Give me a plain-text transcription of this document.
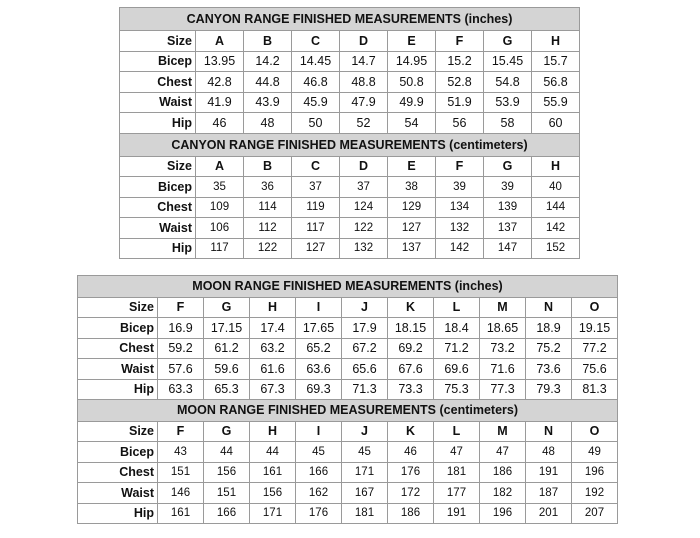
CANYON RANGE FINISHED MEASUREMENTS (inches)								
Size	A	B	C	D	E	F	G	H
Bicep	13.95	14.2	14.45	14.7	14.95	15.2	15.45	15.7
Chest	42.8	44.8	46.8	48.8	50.8	52.8	54.8	56.8
Waist	41.9	43.9	45.9	47.9	49.9	51.9	53.9	55.9
Hip	46	48	50	52	54	56	58	60
CANYON RANGE FINISHED MEASUREMENTS (centimeters)								
Size	A	B	C	D	E	F	G	H
Bicep	35	36	37	37	38	39	39	40
Chest	109	114	119	124	129	134	139	144
Waist	106	112	117	122	127	132	137	142
Hip	117	122	127	132	137	142	147	152
MOON RANGE FINISHED MEASUREMENTS (inches)										
Size	F	G	H	I	J	K	L	M	N	O
Bicep	16.9	17.15	17.4	17.65	17.9	18.15	18.4	18.65	18.9	19.15
Chest	59.2	61.2	63.2	65.2	67.2	69.2	71.2	73.2	75.2	77.2
Waist	57.6	59.6	61.6	63.6	65.6	67.6	69.6	71.6	73.6	75.6
Hip	63.3	65.3	67.3	69.3	71.3	73.3	75.3	77.3	79.3	81.3
MOON RANGE FINISHED MEASUREMENTS (centimeters)										
Size	F	G	H	I	J	K	L	M	N	O
Bicep	43	44	44	45	45	46	47	47	48	49
Chest	151	156	161	166	171	176	181	186	191	196
Waist	146	151	156	162	167	172	177	182	187	192
Hip	161	166	171	176	181	186	191	196	201	207
